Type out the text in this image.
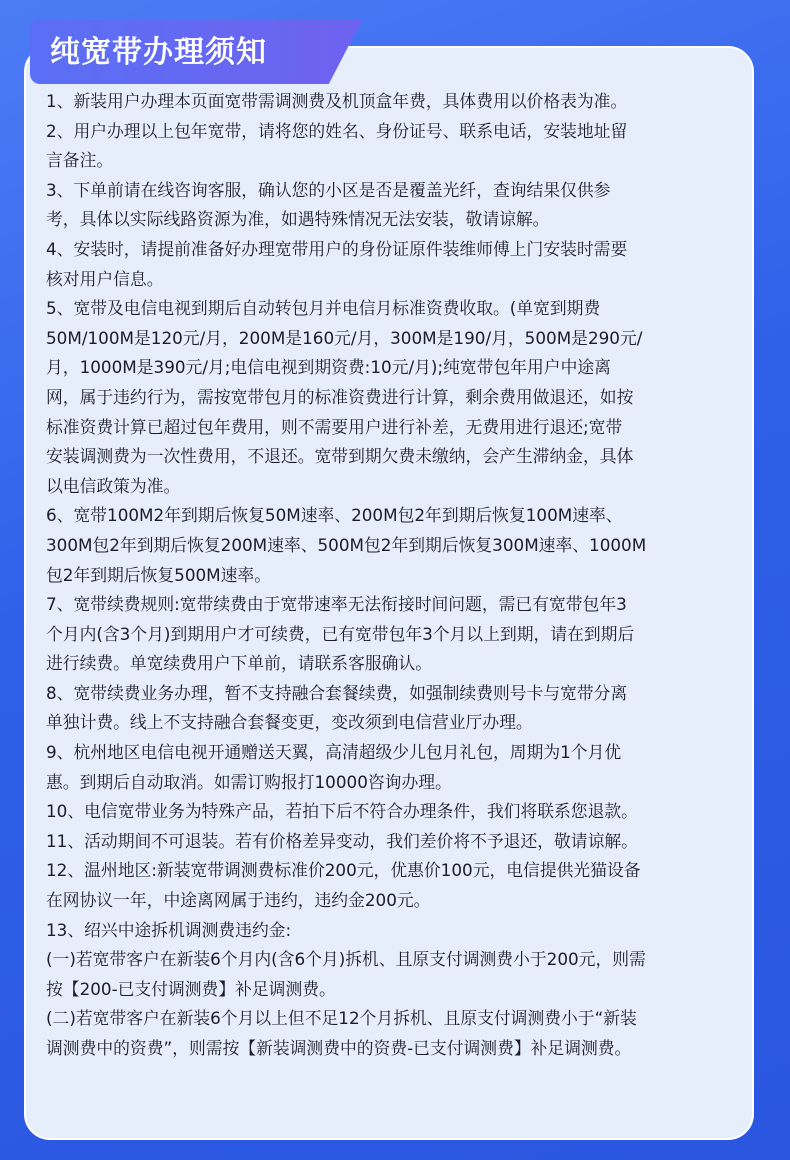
纯宽带办理须知
1、新装用户办理本页面宽带需调测费及机顶盒年费，具体费用以价格表为准。
2、用户办理以上包年宽带，请将您的姓名、身份证号、联系电话，安装地址留
言备注。
3、下单前请在线咨询客服，确认您的小区是否是覆盖光纤，查询结果仅供参
考，具体以实际线路资源为准，如遇特殊情况无法安装，敬请谅解。
4、安装时，请提前准备好办理宽带用户的身份证原件装维师傅上门安装时需要
核对用户信息。
5、宽带及电信电视到期后自动转包月并电信月标准资费收取。(单宽到期费
50M/100M是120元/月，200M是160元/月，300M是190/月，500M是290元/
月，1000M是390元/月;电信电视到期资费:10元/月);纯宽带包年用户中途离
网，属于违约行为，需按宽带包月的标准资费进行计算，剩余费用做退还，如按
标准资费计算已超过包年费用，则不需要用户进行补差，无费用进行退还;宽带
安装调测费为一次性费用，不退还。宽带到期欠费未缴纳，会产生滞纳金，具体
以电信政策为准。
6、宽带100M2年到期后恢复50M速率、200M包2年到期后恢复100M速率、
300M包2年到期后恢复200M速率、500M包2年到期后恢复300M速率、1000M
包2年到期后恢复500M速率。
7、宽带续费规则:宽带续费由于宽带速率无法衔接时间问题，需已有宽带包年3
个月内(含3个月)到期用户才可续费，已有宽带包年3个月以上到期，请在到期后
进行续费。单宽续费用户下单前，请联系客服确认。
8、宽带续费业务办理，暂不支持融合套餐续费，如强制续费则号卡与宽带分离
单独计费。线上不支持融合套餐变更，变改须到电信营业厅办理。
9、杭州地区电信电视开通赠送天翼，高清超级少儿包月礼包，周期为1个月优
惠。到期后自动取消。如需订购报打10000咨询办理。
10、电信宽带业务为特殊产品，若拍下后不符合办理条件，我们将联系您退款。
11、活动期间不可退装。若有价格差异变动，我们差价将不予退还，敬请谅解。
12、温州地区:新装宽带调测费标准价200元，优惠价100元，电信提供光猫设备
在网协议一年，中途离网属于违约，违约金200元。
13、绍兴中途拆机调测费违约金:
(一)若宽带客户在新装6个月内(含6个月)拆机、且原支付调测费小于200元，则需
按【200-已支付调测费】补足调测费。
(二)若宽带客户在新装6个月以上但不足12个月拆机、且原支付调测费小于“新装
调测费中的资费”，则需按【新装调测费中的资费-已支付调测费】补足调测费。
